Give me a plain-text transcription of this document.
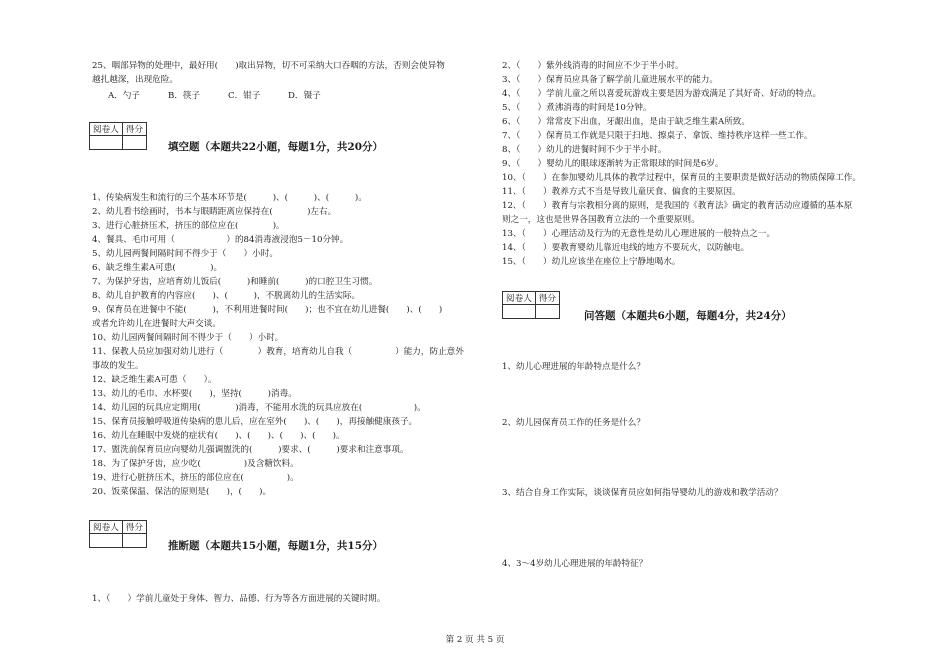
25、咽部异物的处理中，最好用(　　)取出异物，切不可采纳大口吞咽的方法，否则会使异物
越扎越深，出现危险。
A．勺子	B．筷子	C．钳子	D．镊子
阅卷人	得分

填空题（本题共22小题，每题1分，共20分）
1、传染病发生和流行的三个基本环节是(　　　)、(　　　)、(　　　)。
2、幼儿看书绘画时，书本与眼睛距离应保持在(　　　　)左右。
3、进行心脏挤压术，挤压的部位应在(　　　　)。
4、餐具、毛巾可用（　　　　　　）的84消毒液浸泡5－10分钟。
5、幼儿园两餐间隔时间不得少于（　　）小时。
6、缺乏维生素A可患(　　　　)。
7、为保护牙齿，应培育幼儿饭后(　　　)和睡前(　　　)的口腔卫生习惯。
8、幼儿自护教育的内容应(　　)、(　　　)，不脱离幼儿的生活实际。
9、保育员在进餐中不能(　　　)，不利用进餐时间(　　)；也不宜在幼儿进餐(　　)、(　　)
或者允许幼儿在进餐时大声交谈。
10、幼儿园两餐间隔时间不得少于（　　）小时。
11、保教人员应加强对幼儿进行（　　　　）教育，培育幼儿自我（　　　　　）能力，防止意外
事故的发生。
12、缺乏维生素A可患（　　）。
13、幼儿的毛巾、水杯要(　　)，坚持(　　　)消毒。
14、幼儿园的玩具应定期用(　　　　)消毒，不能用水洗的玩具应放在(　　　　　　)。
15、保育员接触呼吸道传染病的患儿后，应在室外(　　)、(　　)，再接触健康孩子。
16、幼儿在睡眠中发烧的症状有(　　)、(　　)、(　　)、(　　)。
17、盥洗前保育员应向婴幼儿强调盥洗的(　　　)要求、(　　　)要求和注意事项。
18、为了保护牙齿，应少吃(　　　　　)及含糖饮料。
19、进行心脏挤压术，挤压的部位应在(　　　　　)。
20、饭菜保温、保洁的原则是(　　)，(　　)。
阅卷人	得分

推断题（本题共15小题，每题1分，共15分）
1、（　　）学前儿童处于身体、智力、品德、行为等各方面进展的关键时期。
2、（　　）紫外线消毒的时间应不少于半小时。
3、（　　）保育员应具备了解学前儿童进展水平的能力。
4、（　　）学前儿童之所以喜爱玩游戏主要是因为游戏满足了其好奇、好动的特点。
5、（　　）煮沸消毒的时间是10分钟。
6、（　　）常常皮下出血，牙龈出血，是由于缺乏维生素A所致。
7、（　　）保育员工作就是只限于扫地、擦桌子、拿饭、维持秩序这样一些工作。
8、（　　）幼儿的进餐时间不少于半小时。
9、（　　）婴幼儿的眼球逐渐转为正常眼球的时间是6岁。
10、（　　）在参加婴幼儿具体的教学过程中，保育员的主要职责是做好活动的物质保障工作。
11、（　　）教养方式不当是导致儿童厌食、偏食的主要原因。
12、（　　）教育与宗教相分离的原则，是我国的《教育法》确定的教育活动应遵循的基本原
则之一，这也是世界各国教育立法的一个重要原则。
13、（　　）心理活动及行为的无意性是幼儿心理进展的一般特点之一。
14、（　　）要教育婴幼儿靠近电线的地方不要玩火，以防触电。
15、（　　）幼儿应该坐在座位上宁静地喝水。
阅卷人	得分

问答题（本题共6小题，每题4分，共24分）
1、幼儿心理进展的年龄特点是什么？
2、幼儿园保育员工作的任务是什么？
3、结合自身工作实际，谈谈保育员应如何指导婴幼儿的游戏和教学活动？
4、3～4岁幼儿心理进展的年龄特征？
第 2 页 共 5 页
